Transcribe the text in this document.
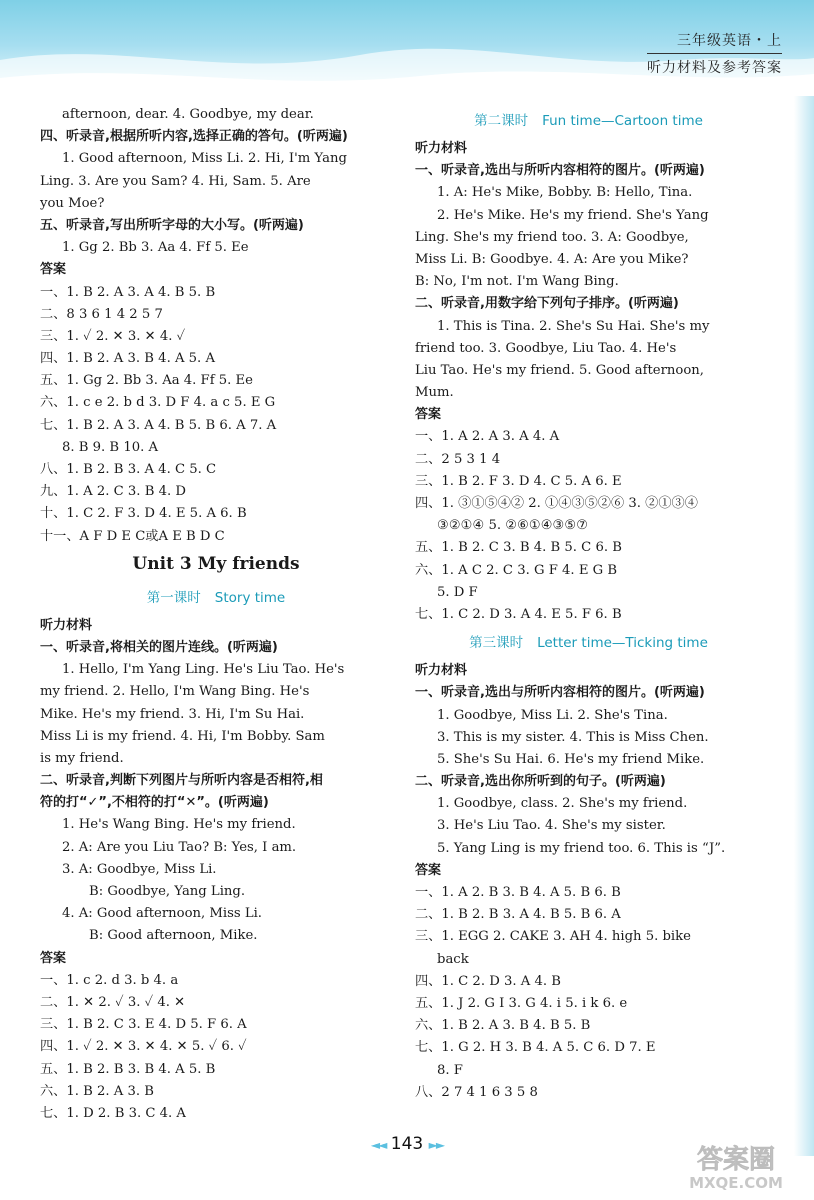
三年级英语・上
听力材料及参考答案
afternoon, dear. 4. Goodbye, my dear.
四、听录音,根据所听内容,选择正确的答句。(听两遍)
1. Good afternoon, Miss Li. 2. Hi, I'm Yang
Ling. 3. Are you Sam? 4. Hi, Sam. 5. Are
you Moe?
五、听录音,写出所听字母的大小写。(听两遍)
1. Gg 2. Bb 3. Aa 4. Ff 5. Ee
答案
一、1. B 2. A 3. A 4. B 5. B
二、8 3 6 1 4 2 5 7
三、1. ✓ 2. ✕ 3. ✕ 4. ✓
四、1. B 2. A 3. B 4. A 5. A
五、1. Gg 2. Bb 3. Aa 4. Ff 5. Ee
六、1. c e 2. b d 3. D F 4. a c 5. E G
七、1. B 2. A 3. A 4. B 5. B 6. A 7. A
8. B 9. B 10. A
八、1. B 2. B 3. A 4. C 5. C
九、1. A 2. C 3. B 4. D
十、1. C 2. F 3. D 4. E 5. A 6. B
十一、A F D E C或A E B D C
Unit 3 My friends
第一课时 Story time
听力材料
一、听录音,将相关的图片连线。(听两遍)
1. Hello, I'm Yang Ling. He's Liu Tao. He's
my friend. 2. Hello, I'm Wang Bing. He's
Mike. He's my friend. 3. Hi, I'm Su Hai.
Miss Li is my friend. 4. Hi, I'm Bobby. Sam
is my friend.
二、听录音,判断下列图片与所听内容是否相符,相
符的打“✓”,不相符的打“✕”。(听两遍)
1. He's Wang Bing. He's my friend.
2. A: Are you Liu Tao? B: Yes, I am.
3. A: Goodbye, Miss Li.
B: Goodbye, Yang Ling.
4. A: Good afternoon, Miss Li.
B: Good afternoon, Mike.
答案
一、1. c 2. d 3. b 4. a
二、1. ✕ 2. ✓ 3. ✓ 4. ✕
三、1. B 2. C 3. E 4. D 5. F 6. A
四、1. ✓ 2. ✕ 3. ✕ 4. ✕ 5. ✓ 6. ✓
五、1. B 2. B 3. B 4. A 5. B
六、1. B 2. A 3. B
七、1. D 2. B 3. C 4. A
第二课时 Fun time—Cartoon time
听力材料
一、听录音,选出与所听内容相符的图片。(听两遍)
1. A: He's Mike, Bobby. B: Hello, Tina.
2. He's Mike. He's my friend. She's Yang
Ling. She's my friend too. 3. A: Goodbye,
Miss Li. B: Goodbye. 4. A: Are you Mike?
B: No, I'm not. I'm Wang Bing.
二、听录音,用数字给下列句子排序。(听两遍)
1. This is Tina. 2. She's Su Hai. She's my
friend too. 3. Goodbye, Liu Tao. 4. He's
Liu Tao. He's my friend. 5. Good afternoon,
Mum.
答案
一、1. A 2. A 3. A 4. A
二、2 5 3 1 4
三、1. B 2. F 3. D 4. C 5. A 6. E
四、1. ③①⑤④② 2. ①④③⑤②⑥ 3. ②①③④
③②①④ 5. ②⑥①④③⑤⑦
五、1. B 2. C 3. B 4. B 5. C 6. B
六、1. A C 2. C 3. G F 4. E G B
5. D F
七、1. C 2. D 3. A 4. E 5. F 6. B
第三课时 Letter time—Ticking time
听力材料
一、听录音,选出与所听内容相符的图片。(听两遍)
1. Goodbye, Miss Li. 2. She's Tina.
3. This is my sister. 4. This is Miss Chen.
5. She's Su Hai. 6. He's my friend Mike.
二、听录音,选出你所听到的句子。(听两遍)
1. Goodbye, class. 2. She's my friend.
3. He's Liu Tao. 4. She's my sister.
5. Yang Ling is my friend too. 6. This is “J”.
答案
一、1. A 2. B 3. B 4. A 5. B 6. B
二、1. B 2. B 3. A 4. B 5. B 6. A
三、1. EGG 2. CAKE 3. AH 4. high 5. bike
back
四、1. C 2. D 3. A 4. B
五、1. J 2. G I 3. G 4. i 5. i k 6. e
六、1. B 2. A 3. B 4. B 5. B
七、1. G 2. H 3. B 4. A 5. C 6. D 7. E
8. F
八、2 7 4 1 6 3 5 8
◄◄ 143 ►►	答案圈
MXQE.COM
